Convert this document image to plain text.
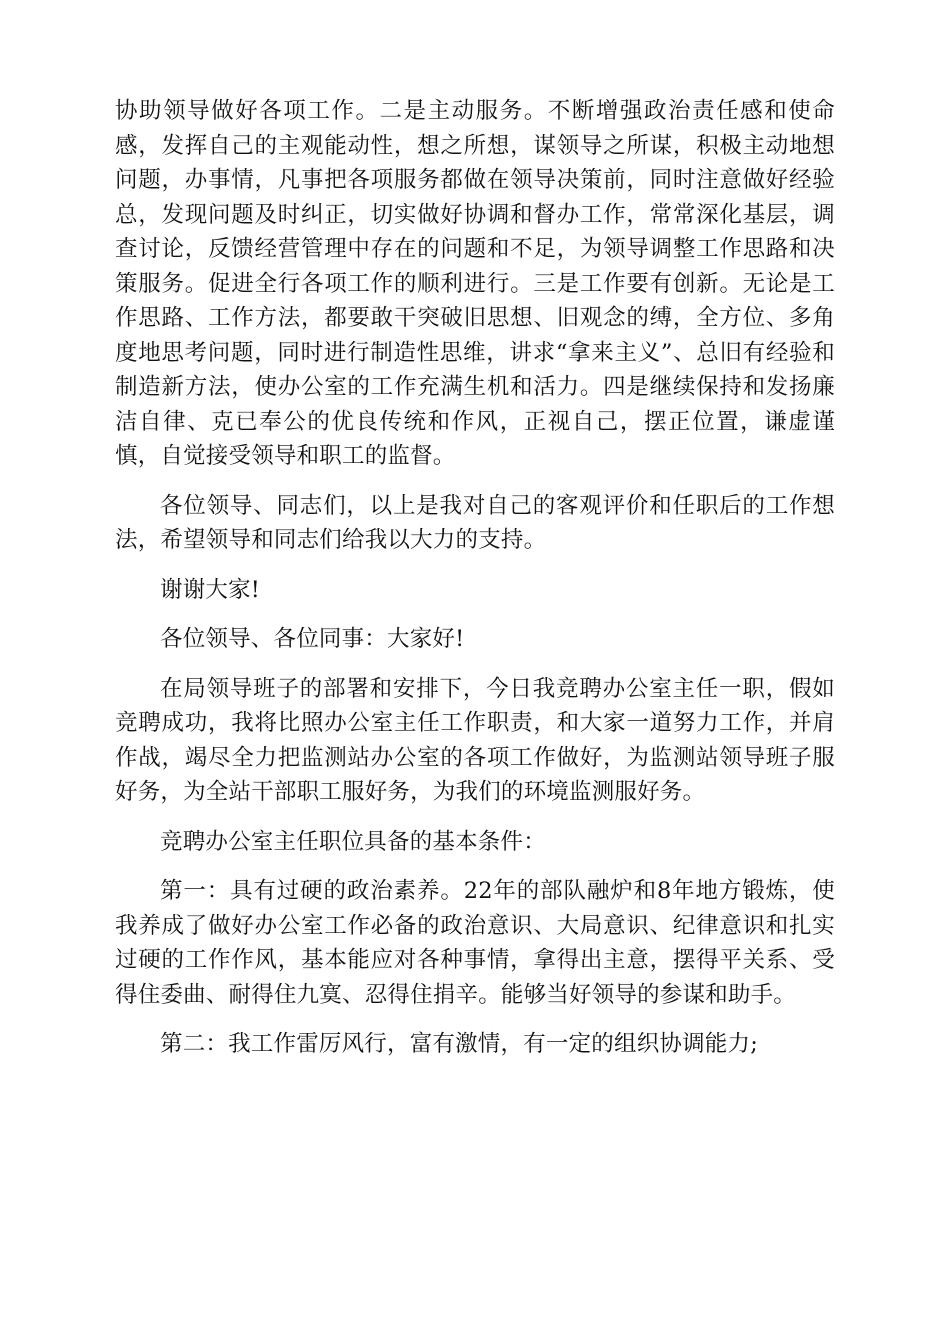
协助领导做好各项工作。二是主动服务。不断增强政治责任感和使命感，发挥自己的主观能动性，想之所想，谋领导之所谋，积极主动地想问题，办事情，凡事把各项服务都做在领导决策前，同时注意做好经验总，发现问题及时纠正，切实做好协调和督办工作，常常深化基层，调查讨论，反馈经营管理中存在的问题和不足，为领导调整工作思路和决策服务。促进全行各项工作的顺利进行。三是工作要有创新。无论是工作思路、工作方法，都要敢干突破旧思想、旧观念的缚，全方位、多角度地思考问题，同时进行制造性思维，讲求“拿来主义”、总旧有经验和制造新方法，使办公室的工作充满生机和活力。四是继续保持和发扬廉洁自律、克已奉公的优良传统和作风，正视自己，摆正位置，谦虚谨慎，自觉接受领导和职工的监督。

各位领导、同志们，以上是我对自己的客观评价和任职后的工作想法，希望领导和同志们给我以大力的支持。

谢谢大家!

各位领导、各位同事：大家好!

在局领导班子的部署和安排下，今日我竞聘办公室主任一职，假如竞聘成功，我将比照办公室主任工作职责，和大家一道努力工作，并肩作战，竭尽全力把监测站办公室的各项工作做好，为监测站领导班子服好务，为全站干部职工服好务，为我们的环境监测服好务。

竞聘办公室主任职位具备的基本条件：

第一：具有过硬的政治素养。22年的部队融炉和8年地方锻炼，使我养成了做好办公室工作必备的政治意识、大局意识、纪律意识和扎实过硬的工作作风，基本能应对各种事情，拿得出主意，摆得平关系、受得住委曲、耐得住九寞、忍得住捐辛。能够当好领导的参谋和助手。

第二：我工作雷厉风行，富有激情，有一定的组织协调能力;
